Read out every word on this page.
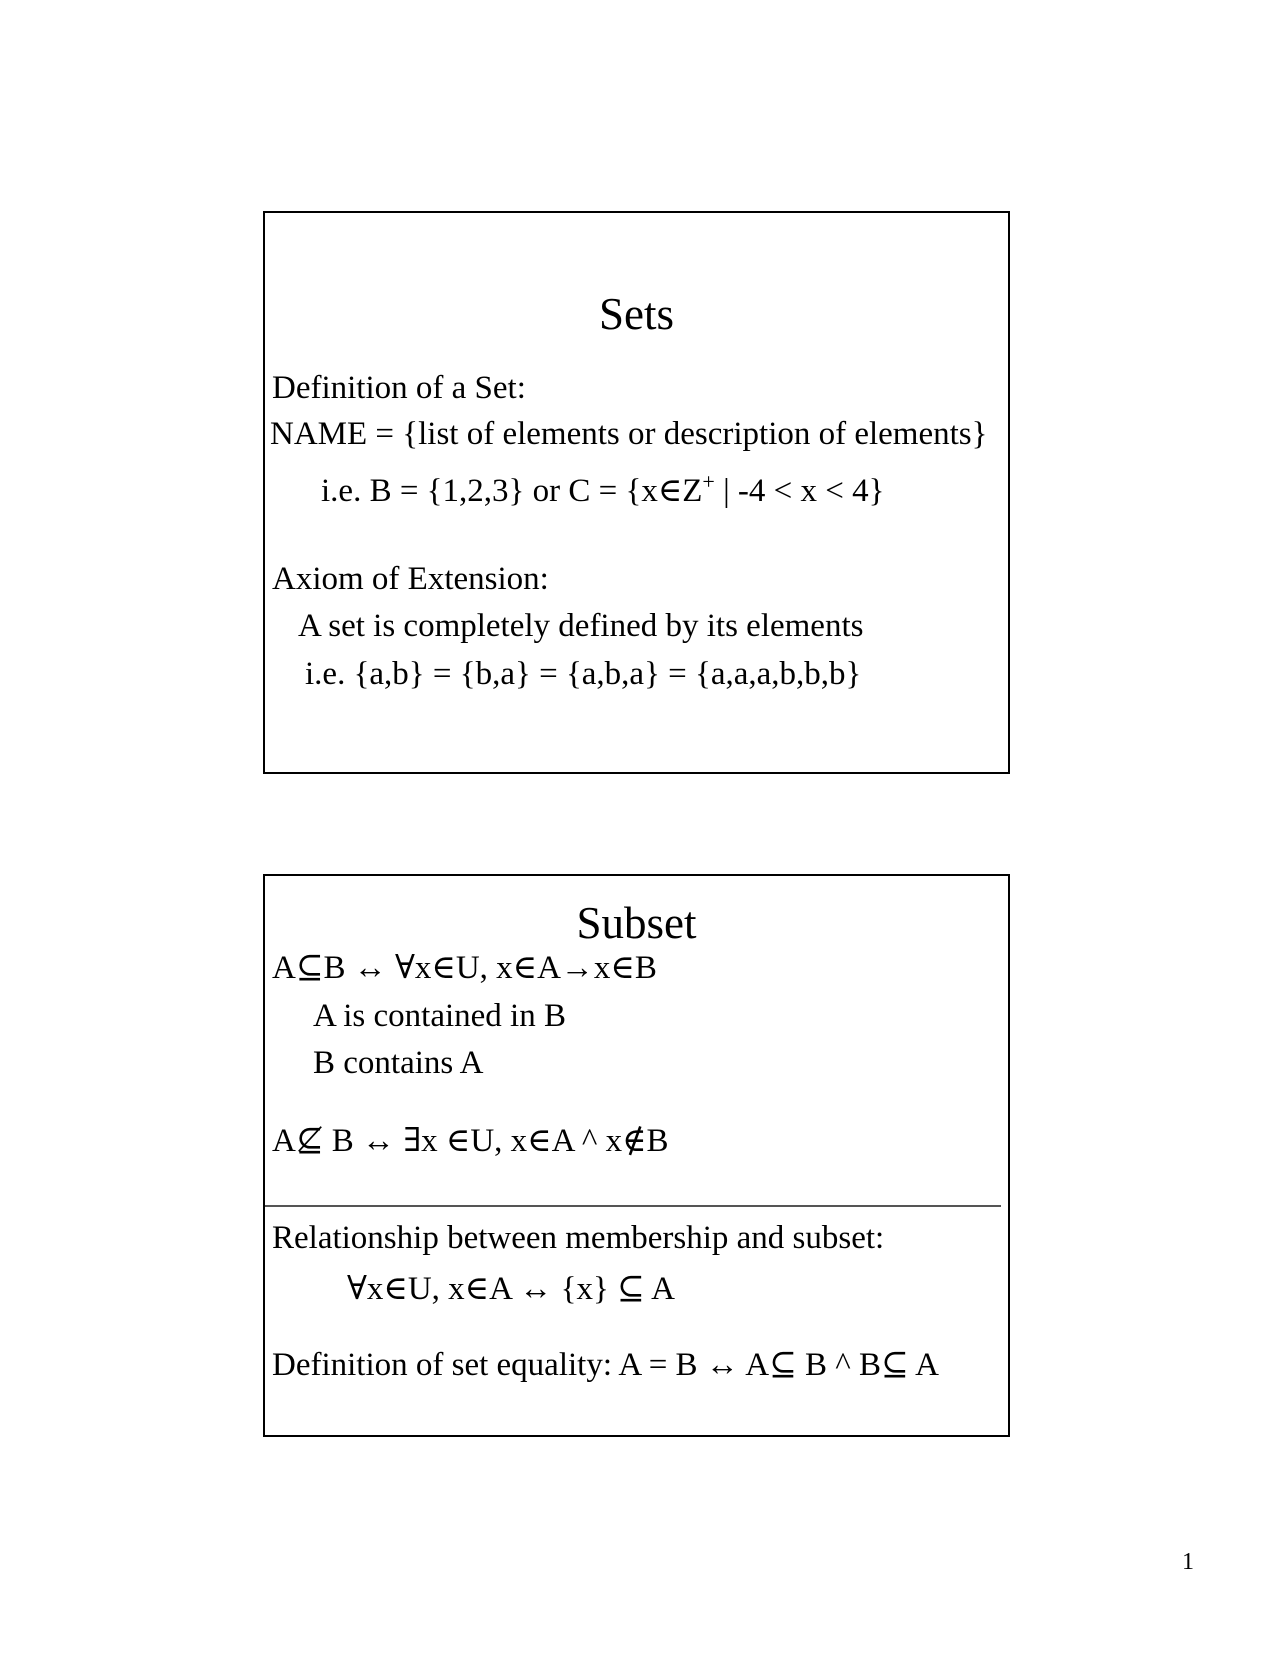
Sets
Definition of a Set:
NAME = {list of elements or description of elements}
i.e. B = {1,2,3} or C = {x∈Z+ | -4 < x < 4}
Axiom of Extension:
A set is completely defined by its elements
i.e. {a,b} = {b,a} = {a,b,a} = {a,a,a,b,b,b}
Subset
A⊆B ↔ ∀x∈U, x∈A→x∈B
A is contained in B
B contains A
A⊈ B ↔ ∃x ∈U, x∈A ^ x∉B
Relationship between membership and subset:
∀x∈U, x∈A ↔ {x} ⊆ A
Definition of set equality: A = B ↔ A⊆ B ^ B⊆ A
1
